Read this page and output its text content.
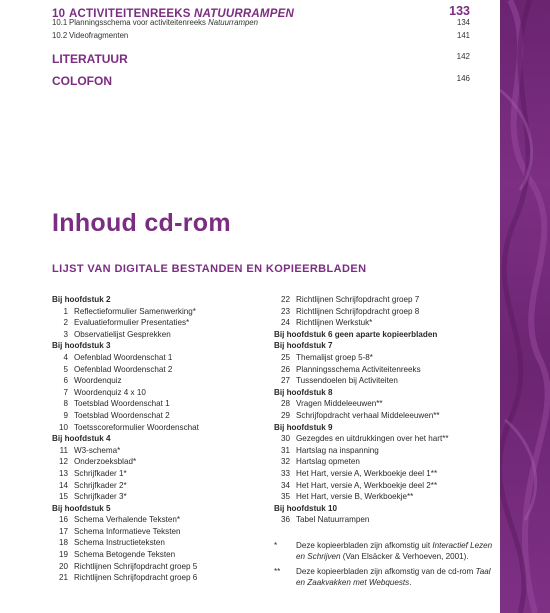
10 ACTIVITEITENREEKS NATUURRAMPEN	133
10.1 Planningsschema voor activiteitenreeks Natuurrampen	134
10.2 Videofragmenten	141
LITERATUUR	142
COLOFON	146
Inhoud cd-rom
LIJST VAN DIGITALE BESTANDEN EN KOPIEERBLADEN
Bij hoofdstuk 2
1 Reflectieformulier Samenwerking*
2 Evaluatieformulier Presentaties*
3 Observatielijst Gesprekken
Bij hoofdstuk 3
4 Oefenblad Woordenschat 1
5 Oefenblad Woordenschat 2
6 Woordenquiz
7 Woordenquiz 4 x 10
8 Toetsblad Woordenschat 1
9 Toetsblad Woordenschat 2
10 Toetsscoreformulier Woordenschat
Bij hoofdstuk 4
11 W3-schema*
12 Onderzoeksblad*
13 Schrijfkader 1*
14 Schrijfkader 2*
15 Schrijfkader 3*
Bij hoofdstuk 5
16 Schema Verhalende Teksten*
17 Schema Informatieve Teksten
18 Schema Instructieteksten
19 Schema Betogende Teksten
20 Richtlijnen Schrijfopdracht groep 5
21 Richtlijnen Schrijfopdracht groep 6
22 Richtlijnen Schrijfopdracht groep 7
23 Richtlijnen Schrijfopdracht groep 8
24 Richtlijnen Werkstuk*
Bij hoofdstuk 6 geen aparte kopieerbladen
Bij hoofdstuk 7
25 Themalijst groep 5-8*
26 Planningsschema Activiteitenreeks
27 Tussendoelen bij Activiteiten
Bij hoofdstuk 8
28 Vragen Middeleeuwen**
29 Schrijfopdracht verhaal Middeleeuwen**
Bij hoofdstuk 9
30 Gezegdes en uitdrukkingen over het hart**
31 Hartslag na inspanning
32 Hartslag opmeten
33 Het Hart, versie A, Werkboekje deel 1**
34 Het Hart, versie A, Werkboekje deel 2**
35 Het Hart, versie B, Werkboekje**
Bij hoofdstuk 10
36 Tabel Natuurrampen
*	Deze kopieerbladen zijn afkomstig uit Interactief Lezen en Schrijven (Van Elsäcker & Verhoeven, 2001).
**	Deze kopieerbladen zijn afkomstig van de cd-rom Taal en Zaakvakken met Webquests.
